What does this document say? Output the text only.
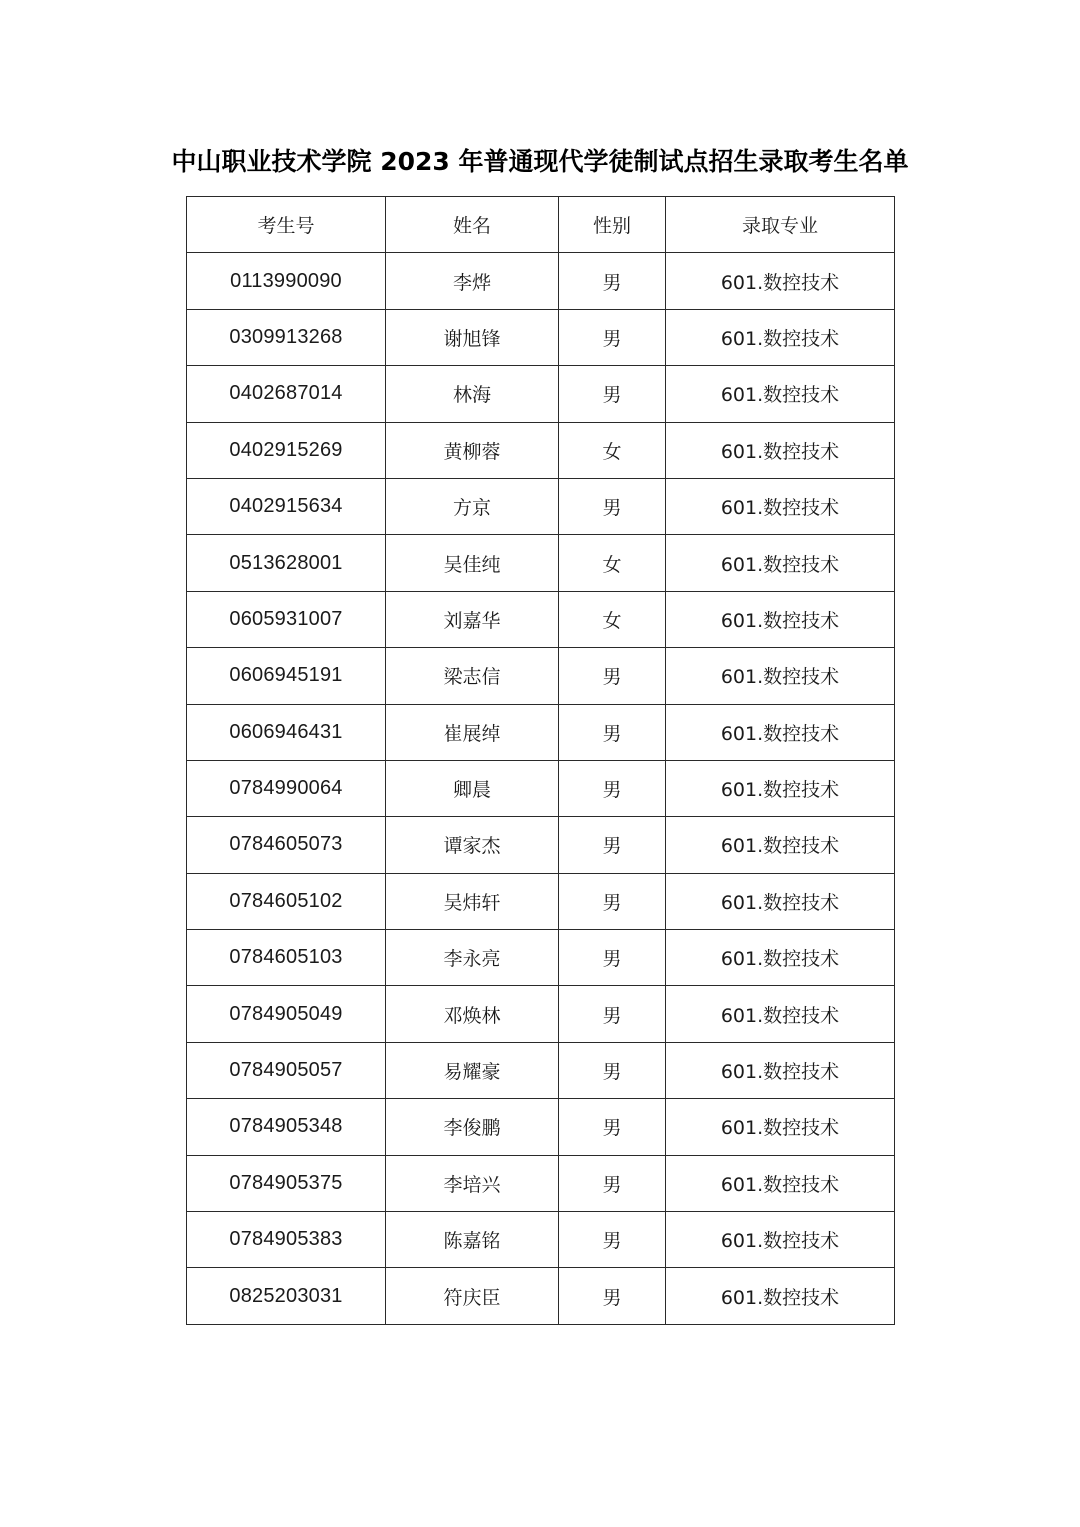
中山职业技术学院 2023 年普通现代学徒制试点招生录取考生名单
考生号	姓名	性别	录取专业
0113990090	李烨	男	601.数控技术
0309913268	谢旭锋	男	601.数控技术
0402687014	林海	男	601.数控技术
0402915269	黄柳蓉	女	601.数控技术
0402915634	方京	男	601.数控技术
0513628001	吴佳纯	女	601.数控技术
0605931007	刘嘉华	女	601.数控技术
0606945191	梁志信	男	601.数控技术
0606946431	崔展绰	男	601.数控技术
0784990064	卿晨	男	601.数控技术
0784605073	谭家杰	男	601.数控技术
0784605102	吴炜轩	男	601.数控技术
0784605103	李永亮	男	601.数控技术
0784905049	邓焕林	男	601.数控技术
0784905057	易耀豪	男	601.数控技术
0784905348	李俊鹏	男	601.数控技术
0784905375	李培兴	男	601.数控技术
0784905383	陈嘉铭	男	601.数控技术
0825203031	符庆臣	男	601.数控技术
